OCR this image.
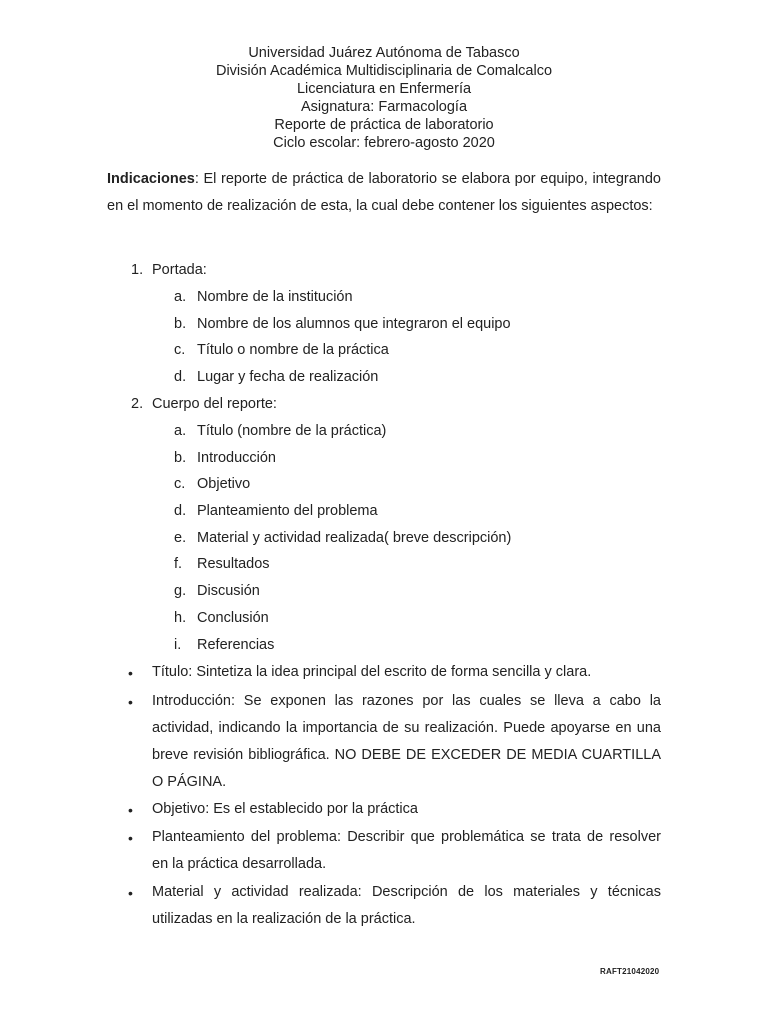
Universidad Juárez Autónoma de Tabasco
División Académica Multidisciplinaria de Comalcalco
Licenciatura en Enfermería
Asignatura: Farmacología
Reporte de práctica de laboratorio
Ciclo escolar: febrero-agosto 2020
Indicaciones: El reporte de práctica de laboratorio se elabora por equipo, integrando en el momento de realización de esta, la cual debe contener los siguientes aspectos:
1. Portada:
a. Nombre de la institución
b. Nombre de los alumnos que integraron el equipo
c. Título o nombre de la práctica
d. Lugar y fecha de realización
2. Cuerpo del reporte:
a. Título (nombre de la práctica)
b. Introducción
c. Objetivo
d. Planteamiento del problema
e. Material y actividad realizada( breve descripción)
f. Resultados
g. Discusión
h. Conclusión
i. Referencias
• Título: Sintetiza la idea principal del escrito de forma sencilla y clara.
• Introducción: Se exponen las razones por las cuales se lleva a cabo la actividad, indicando la importancia de su realización. Puede apoyarse en una breve revisión bibliográfica. NO DEBE DE EXCEDER DE MEDIA CUARTILLA O PÁGINA.
• Objetivo: Es el establecido por la práctica
• Planteamiento del problema: Describir que problemática se trata de resolver en la práctica desarrollada.
• Material y actividad realizada: Descripción de los materiales y técnicas utilizadas en la realización de la práctica.
RAFT21042020
